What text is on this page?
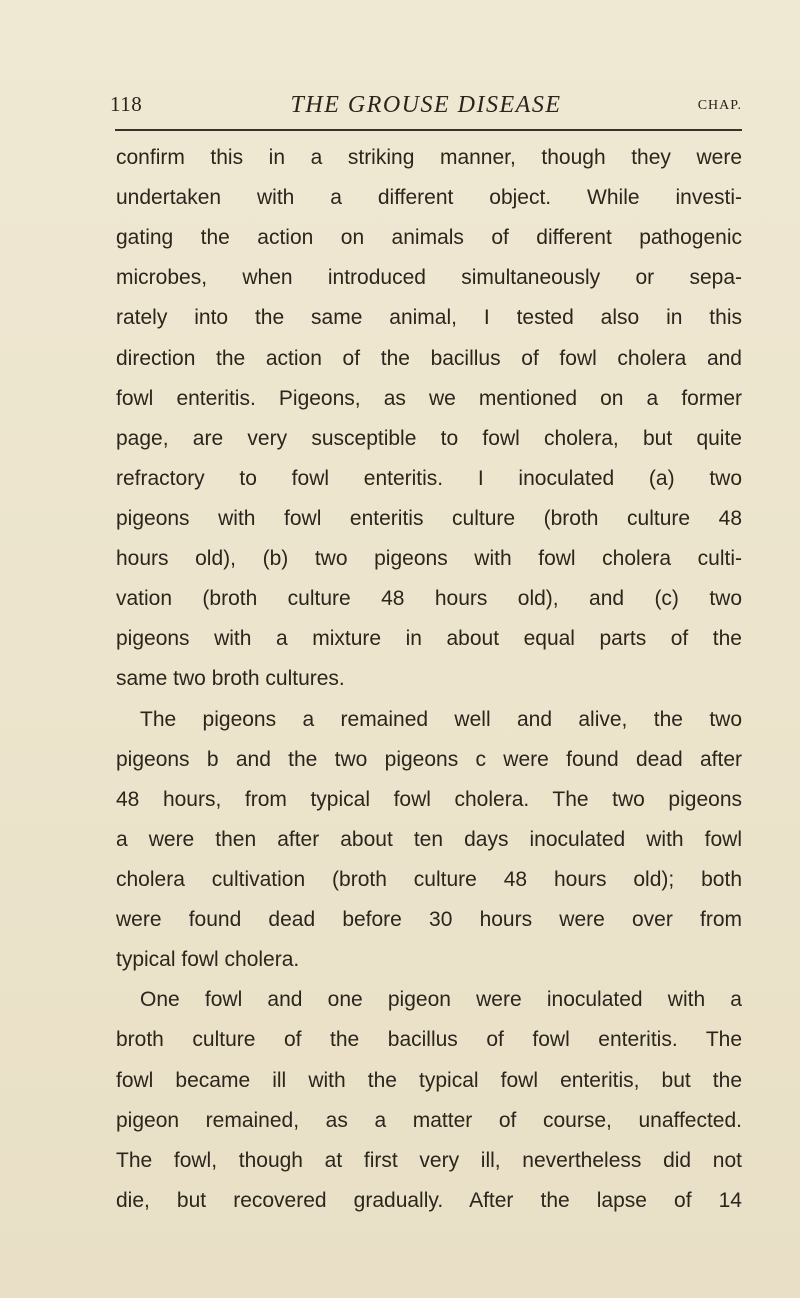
118	THE GROUSE DISEASE	CHAP.
confirm this in a striking manner, though they were
undertaken with a different object. While investi-
gating the action on animals of different pathogenic
microbes, when introduced simultaneously or sepa-
rately into the same animal, I tested also in this
direction the action of the bacillus of fowl cholera and
fowl enteritis. Pigeons, as we mentioned on a former
page, are very susceptible to fowl cholera, but quite
refractory to fowl enteritis. I inoculated (a) two
pigeons with fowl enteritis culture (broth culture 48
hours old), (b) two pigeons with fowl cholera culti-
vation (broth culture 48 hours old), and (c) two
pigeons with a mixture in about equal parts of the
same two broth cultures.
The pigeons a remained well and alive, the two
pigeons b and the two pigeons c were found dead after
48 hours, from typical fowl cholera. The two pigeons
a were then after about ten days inoculated with fowl
cholera cultivation (broth culture 48 hours old); both
were found dead before 30 hours were over from
typical fowl cholera.
One fowl and one pigeon were inoculated with a
broth culture of the bacillus of fowl enteritis. The
fowl became ill with the typical fowl enteritis, but the
pigeon remained, as a matter of course, unaffected.
The fowl, though at first very ill, nevertheless did not
die, but recovered gradually. After the lapse of 14
